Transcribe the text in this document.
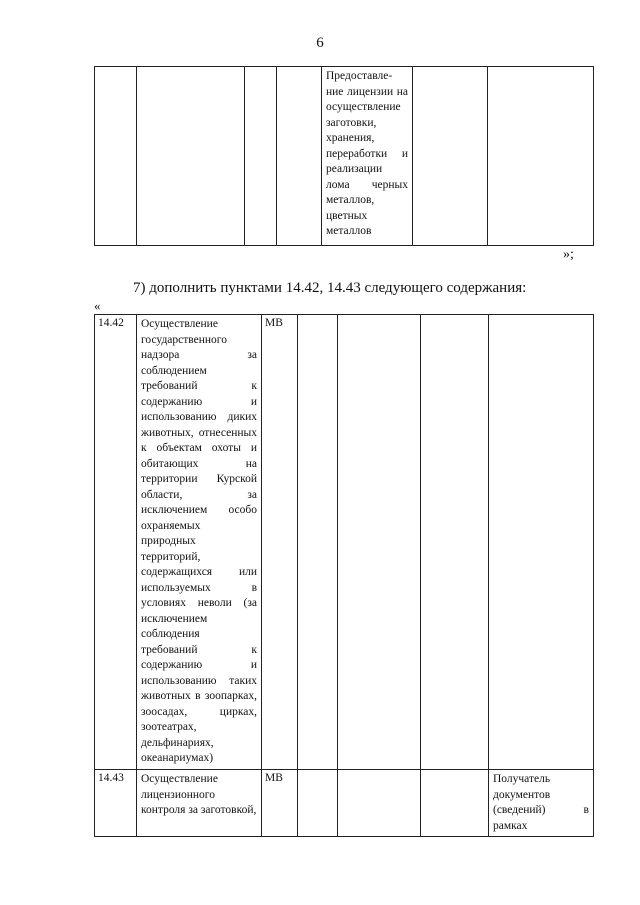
6

Предоставле-ние лицензии на осуществление заготовки, хранения, переработки и реализации лома черных металлов, цветных металлов

»;
7) дополнить пунктами 14.42, 14.43 следующего содержания:
«
14.42	Осуществление государственного надзора за соблюдением требований к содержанию и использованию диких животных, отнесенных к объектам охоты и обитающих на территории Курской области, за исключением особо охраняемых природных территорий, содержащихся или используемых в условиях неволи (за исключением соблюдения требований к содержанию и использованию таких животных в зоопарках, зоосадах, цирках, зоотеатрах, дельфинариях, океанариумах)	МВ				

14.43	Осуществление лицензионного контроля за заготовкой,	МВ				Получатель документов (сведений) в рамках
